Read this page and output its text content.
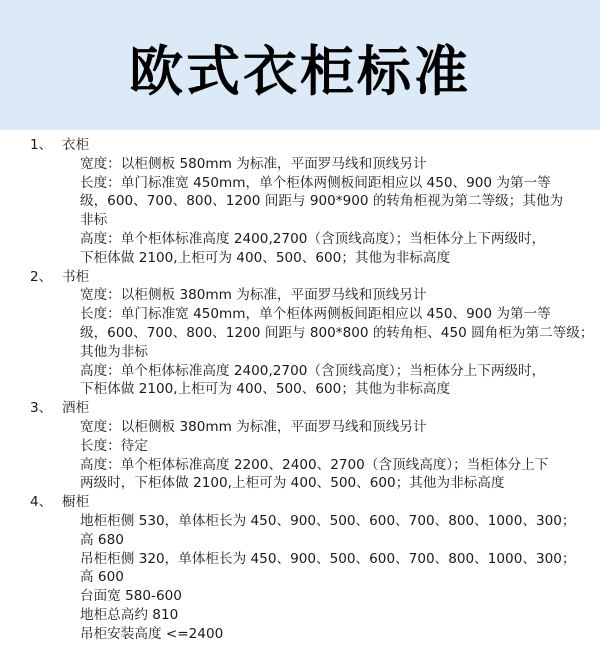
欧式衣柜标准
1、 衣柜
宽度：以柜侧板 580mm 为标准，平面罗马线和顶线另计
长度：单门标准宽 450mm，单个柜体两侧板间距相应以 450、900 为第一等
级，600、700、800、1200 间距与 900*900 的转角柜视为第二等级；其他为
非标
高度：单个柜体标准高度 2400,2700（含顶线高度）；当柜体分上下两级时，
下柜体做 2100,上柜可为 400、500、600；其他为非标高度
2、 书柜
宽度：以柜侧板 380mm 为标准，平面罗马线和顶线另计
长度：单门标准宽 450mm，单个柜体两侧板间距相应以 450、900 为第一等
级，600、700、800、1200 间距与 800*800 的转角柜、450 圆角柜为第二等级；
其他为非标
高度：单个柜体标准高度 2400,2700（含顶线高度）；当柜体分上下两级时，
下柜体做 2100,上柜可为 400、500、600；其他为非标高度
3、 酒柜
宽度：以柜侧板 380mm 为标准，平面罗马线和顶线另计
长度：待定
高度：单个柜体标准高度 2200、2400、2700（含顶线高度）；当柜体分上下
两级时，下柜体做 2100,上柜可为 400、500、600；其他为非标高度
4、 橱柜
地柜柜侧 530，单体柜长为 450、900、500、600、700、800、1000、300；
高 680
吊柜柜侧 320，单体柜长为 450、900、500、600、700、800、1000、300；
高 600
台面宽 580-600
地柜总高约 810
吊柜安装高度 <=2400
